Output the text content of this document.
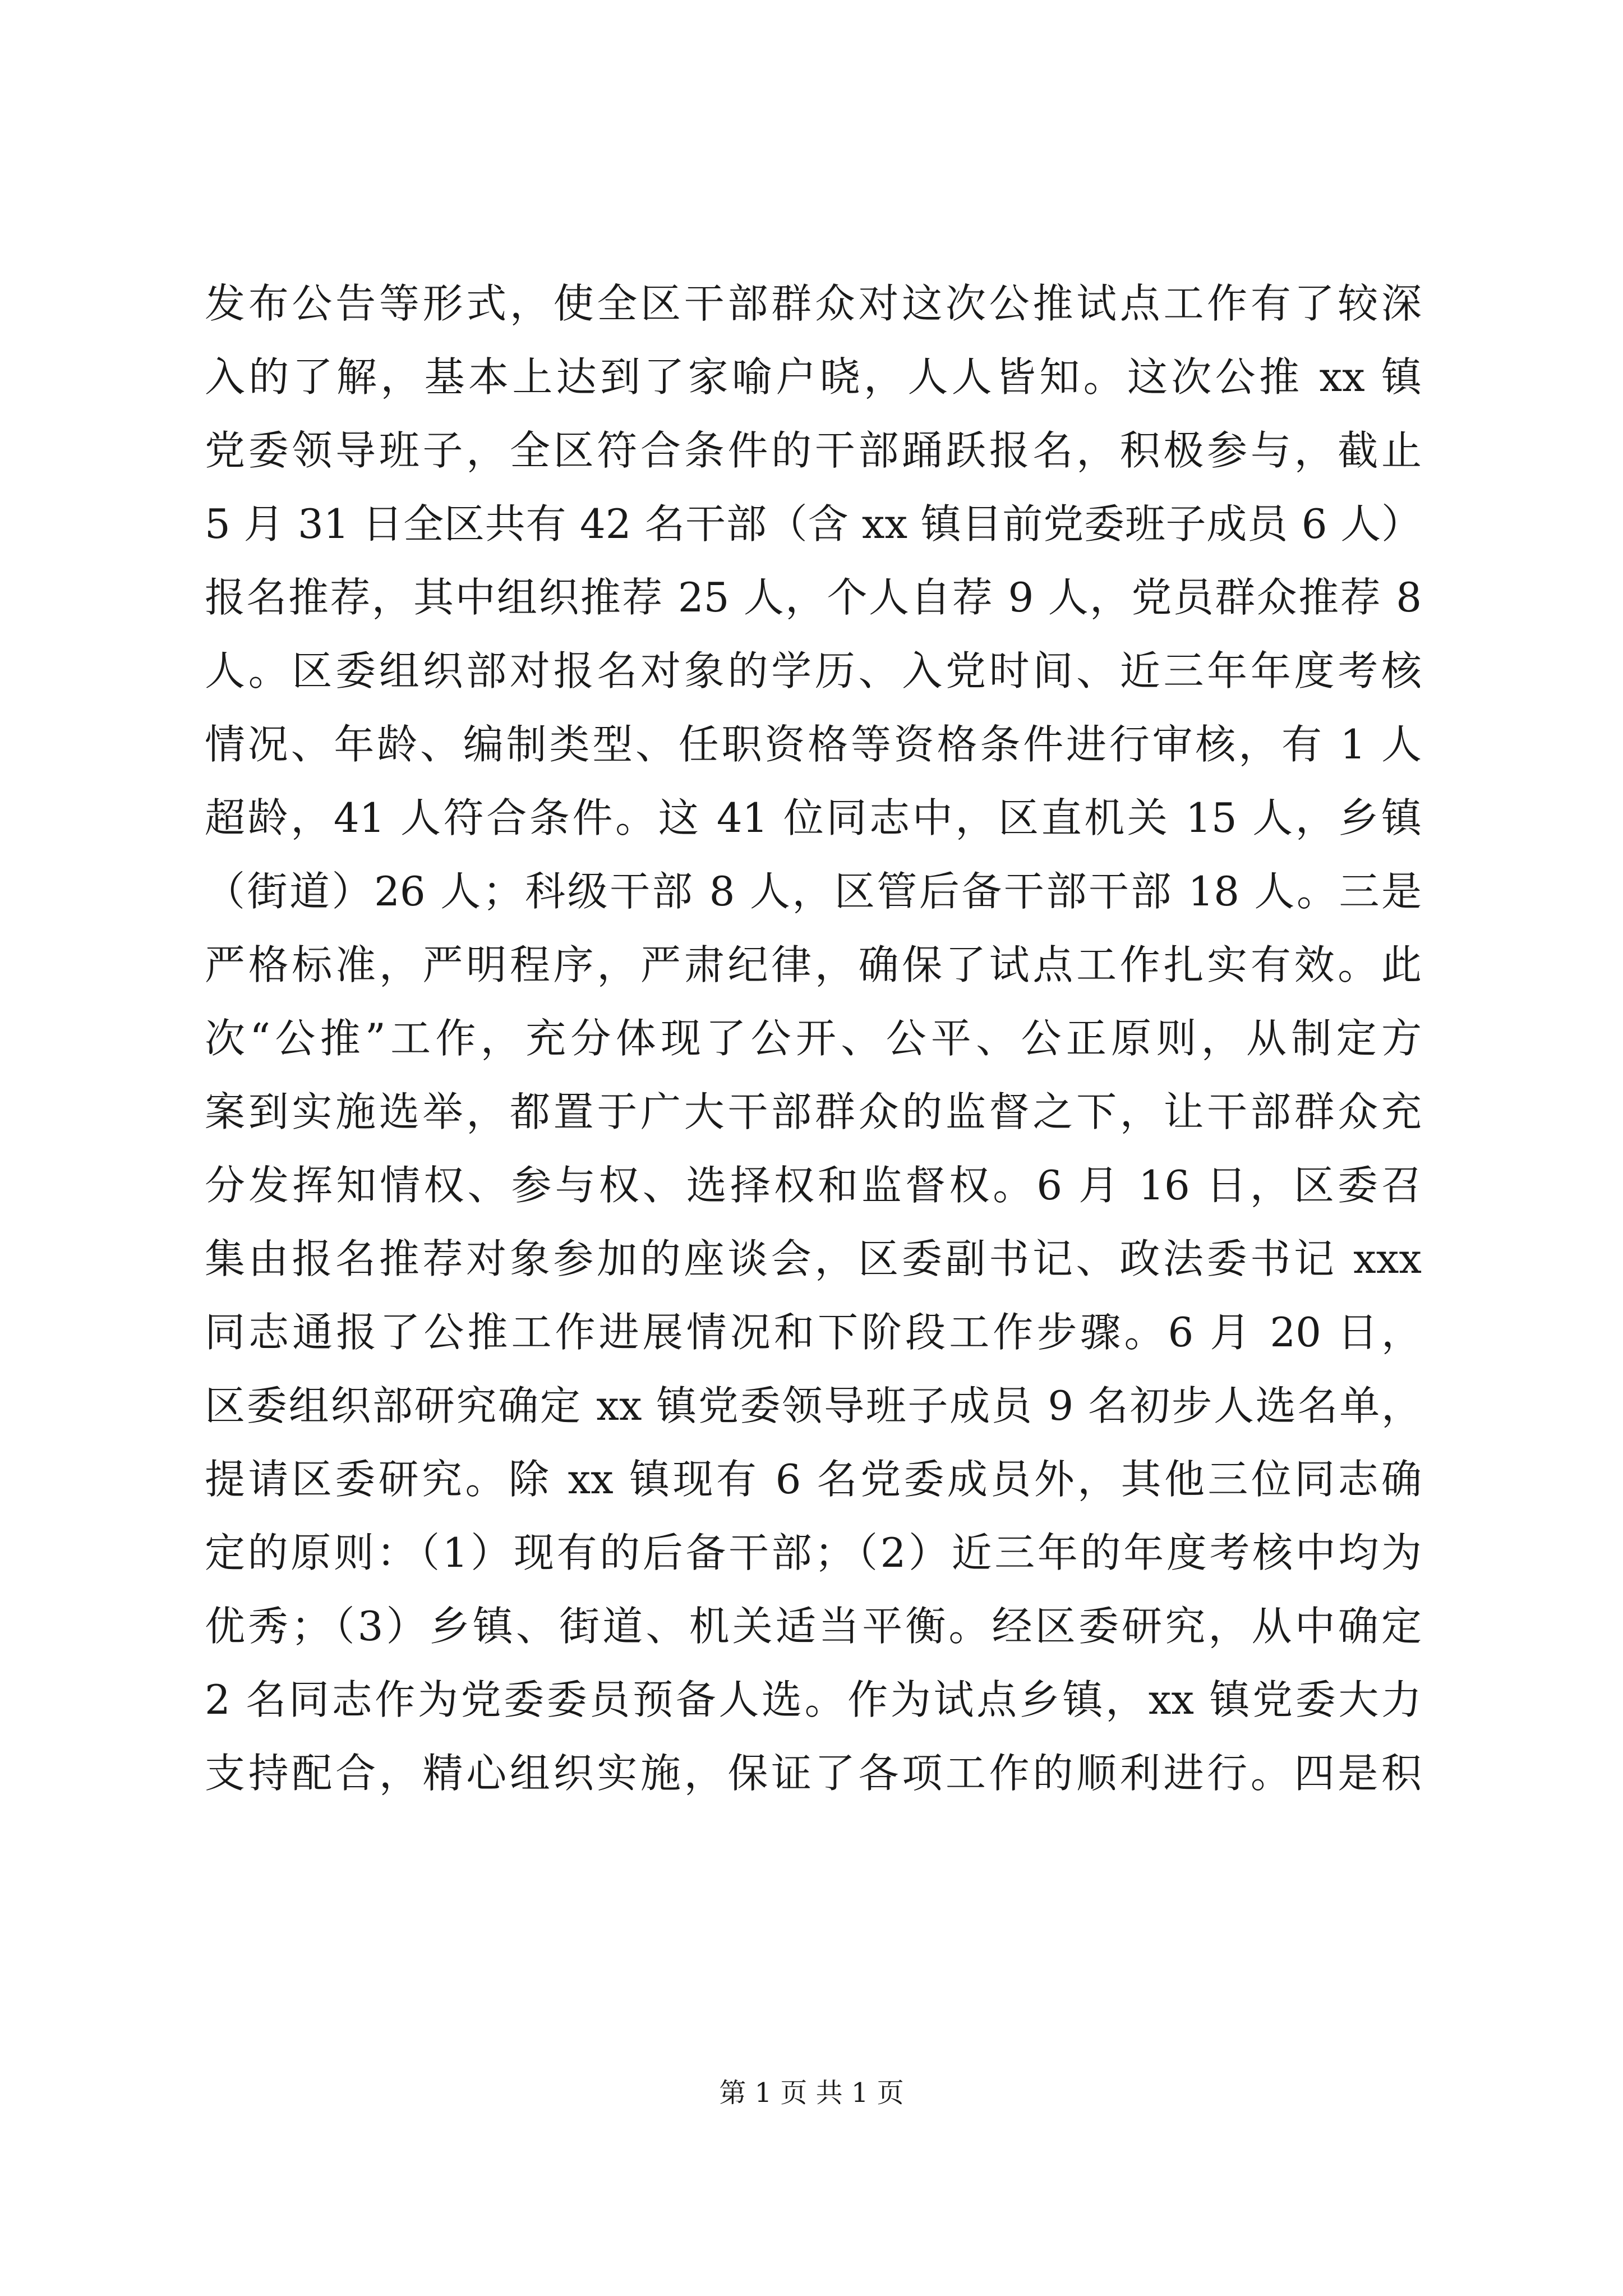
发布公告等形式，使全区干部群众对这次公推试点工作有了较深
入的了解，基本上达到了家喻户晓，人人皆知。这次公推 xx 镇
党委领导班子，全区符合条件的干部踊跃报名，积极参与，截止
5 月 31 日全区共有 42 名干部（含 xx 镇目前党委班子成员 6 人）
报名推荐，其中组织推荐 25 人，个人自荐 9 人，党员群众推荐 8
人。区委组织部对报名对象的学历、入党时间、近三年年度考核
情况、年龄、编制类型、任职资格等资格条件进行审核，有 1 人
超龄，41 人符合条件。这 41 位同志中，区直机关 15 人，乡镇
（街道）26 人；科级干部 8 人，区管后备干部干部 18 人。三是
严格标准，严明程序，严肃纪律，确保了试点工作扎实有效。此
次“公推”工作，充分体现了公开、公平、公正原则，从制定方
案到实施选举，都置于广大干部群众的监督之下，让干部群众充
分发挥知情权、参与权、选择权和监督权。6 月 16 日，区委召
集由报名推荐对象参加的座谈会，区委副书记、政法委书记 xxx
同志通报了公推工作进展情况和下阶段工作步骤。6 月 20 日，
区委组织部研究确定 xx 镇党委领导班子成员 9 名初步人选名单，
提请区委研究。除 xx 镇现有 6 名党委成员外，其他三位同志确
定的原则：（1）现有的后备干部；（2）近三年的年度考核中均为
优秀；（3）乡镇、街道、机关适当平衡。经区委研究，从中确定
2 名同志作为党委委员预备人选。作为试点乡镇，xx 镇党委大力
支持配合，精心组织实施，保证了各项工作的顺利进行。四是积
第 1 页 共 1 页
